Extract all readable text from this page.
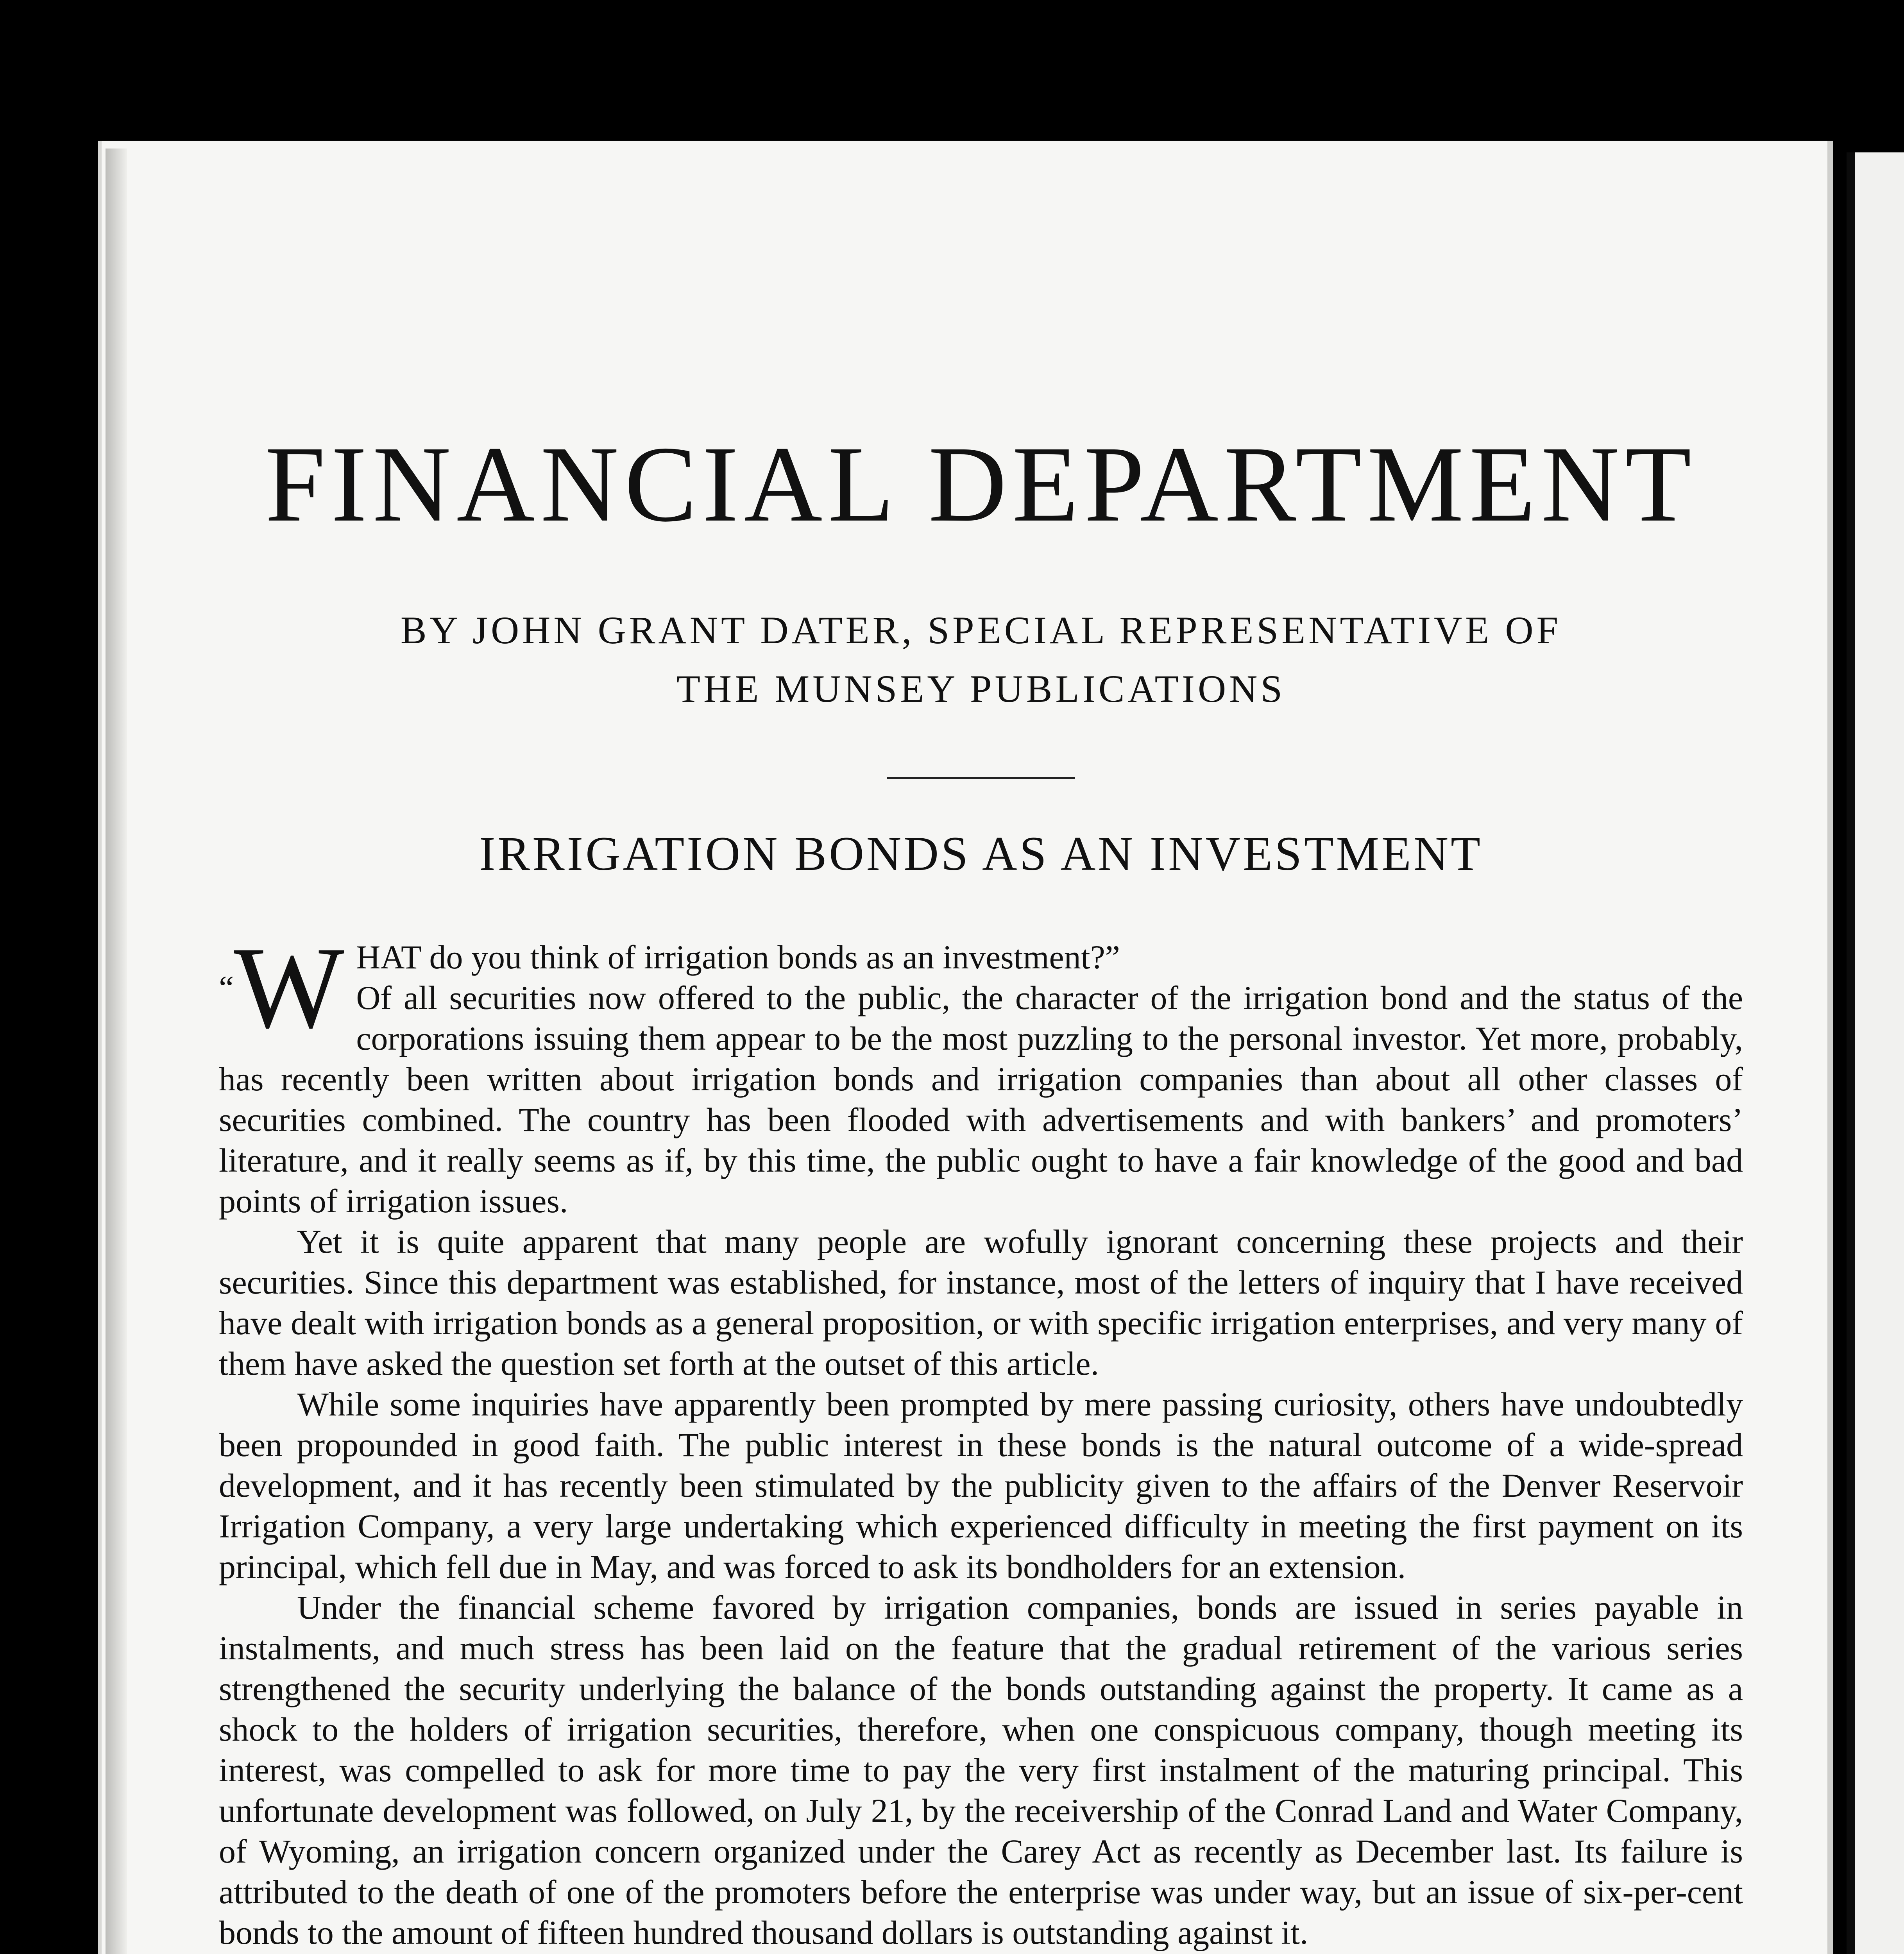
FINANCIAL DEPARTMENT
BY JOHN GRANT DATER, SPECIAL REPRESENTATIVE OF
THE MUNSEY PUBLICATIONS
IRRIGATION BONDS AS AN INVESTMENT

“W HAT do you think of irrigation bonds as an investment?”
Of all securities now offered to the public, the character of the irrigation bond and the status of the corporations issuing them appear to be the most puzzling to the personal investor. Yet more, probably, has recently been written about irrigation bonds and irrigation companies than about all other classes of securities combined. The country has been flooded with advertisements and with bankers’ and promoters’ literature, and it really seems as if, by this time, the public ought to have a fair knowledge of the good and bad points of irrigation issues.

Yet it is quite apparent that many people are wofully ignorant concerning these projects and their securities. Since this department was established, for instance, most of the letters of inquiry that I have received have dealt with irrigation bonds as a general proposition, or with specific irrigation enterprises, and very many of them have asked the question set forth at the outset of this article.

While some inquiries have apparently been prompted by mere passing curiosity, others have undoubtedly been propounded in good faith. The public interest in these bonds is the natural outcome of a wide-spread development, and it has recently been stimulated by the publicity given to the affairs of the Denver Reservoir Irrigation Company, a very large undertaking which experienced difficulty in meeting the first payment on its principal, which fell due in May, and was forced to ask its bondholders for an extension.

Under the financial scheme favored by irrigation companies, bonds are issued in series payable in instalments, and much stress has been laid on the feature that the gradual retirement of the various series strengthened the security underlying the balance of the bonds outstanding against the property. It came as a shock to the holders of irrigation securities, therefore, when one conspicuous company, though meeting its interest, was compelled to ask for more time to pay the very first instalment of the maturing principal. This unfortunate development was followed, on July 21, by the receivership of the Conrad Land and Water Company, of Wyoming, an irrigation concern organized under the Carey Act as recently as December last. Its failure is attributed to the death of one of the promoters before the enterprise was under way, but an issue of six-per-cent bonds to the amount of fifteen hundred thousand dollars is outstanding against it.
